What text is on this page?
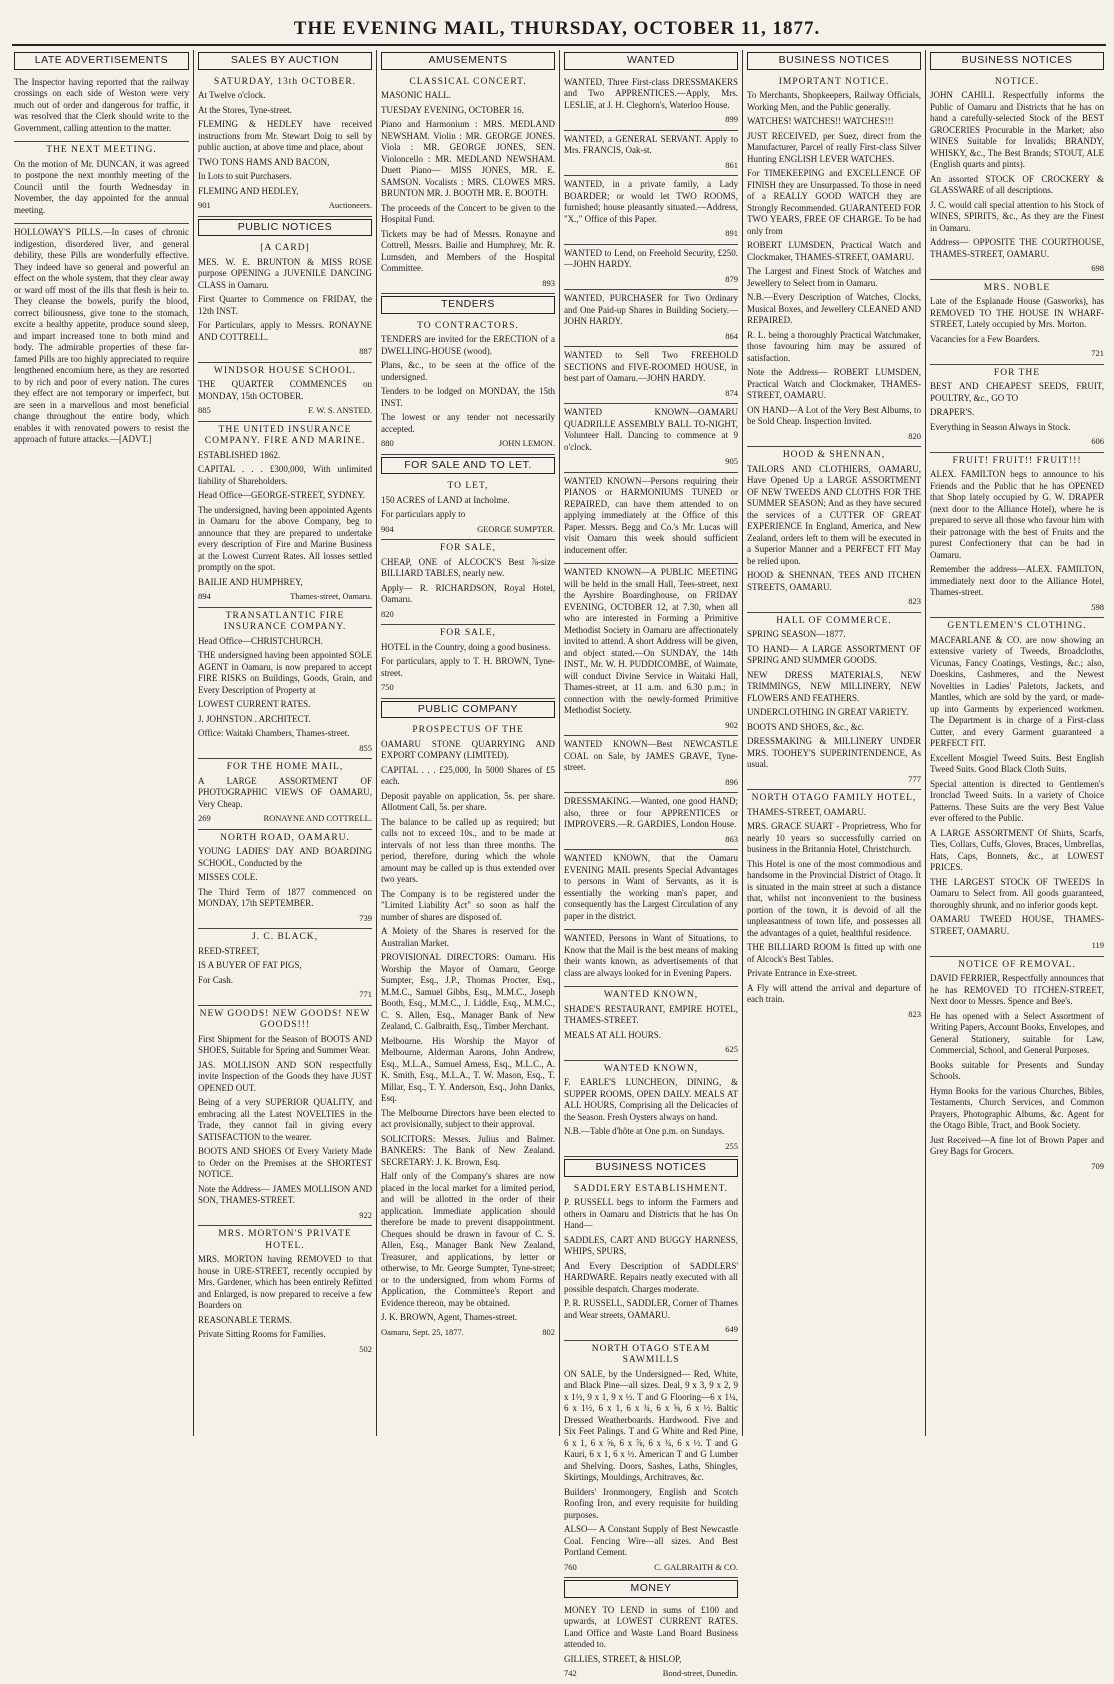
THE EVENING MAIL, THURSDAY, OCTOBER 11, 1877.
LATE ADVERTISEMENTS

The Inspector having reported that the railway crossings on each side of Weston were very much out of order and dangerous for traffic, it was resolved that the Clerk should write to the Government, calling attention to the matter.

THE NEXT MEETING.

On the motion of Mr. DUNCAN, it was agreed to postpone the next monthly meeting of the Council until the fourth Wednesday in November, the day appointed for the annual meeting.

HOLLOWAY'S PILLS.—In cases of chronic indigestion, disordered liver, and general debility, these Pills are wonderfully effective. They indeed have so general and powerful an effect on the whole system, that they clear away or ward off most of the ills that flesh is heir to. They cleanse the bowels, purify the blood, correct biliousness, give tone to the stomach, excite a healthy appetite, produce sound sleep, and impart increased tone to both mind and body. The admirable properties of these far-famed Pills are too highly appreciated to require lengthened encomium here, as they are resorted to by rich and poor of every nation. The cures they effect are not temporary or imperfect, but are seen in a marvellous and most beneficial change throughout the entire body, which enables it with renovated powers to resist the approach of future attacks.—[ADVT.]

SALES BY AUCTION
SATURDAY, 13th OCTOBER.

At Twelve o'clock.

At the Stores, Tyne-street.

FLEMING & HEDLEY have received instructions from Mr. Stewart Doig to sell by public auction, at above time and place, about

TWO TONS HAMS AND BACON,

In Lots to suit Purchasers.

FLEMING AND HEDLEY,

901	Auctioneers.
PUBLIC NOTICES
[A CARD]

MES. W. E. BRUNTON & MISS ROSE purpose OPENING a JUVENILE DANCING CLASS in Oamaru.

First Quarter to Commence on FRIDAY, the 12th INST.

For Particulars, apply to Messrs. RONAYNE AND COTTRELL.

887
WINDSOR HOUSE SCHOOL.

THE QUARTER COMMENCES on MONDAY, 15th OCTOBER.

885	F. W. S. ANSTED.
THE UNITED INSURANCE COMPANY. FIRE AND MARINE.

ESTABLISHED 1862.

CAPITAL . . . £300,000, With unlimited liability of Shareholders.

Head Office—GEORGE-STREET, SYDNEY.

The undersigned, having been appointed Agents in Oamaru for the above Company, beg to announce that they are prepared to undertake every description of Fire and Marine Business at the Lowest Current Rates. All losses settled promptly on the spot.

BAILIE AND HUMPHREY,

894	Thames-street, Oamaru.
TRANSATLANTIC FIRE INSURANCE COMPANY.

Head Office—CHRISTCHURCH.

THE undersigned having been appointed SOLE AGENT in Oamaru, is now prepared to accept FIRE RISKS on Buildings, Goods, Grain, and Every Description of Property at

LOWEST CURRENT RATES.

J. JOHNSTON . ARCHITECT.

Office: Waitaki Chambers, Thames-street.

855
FOR THE HOME MAIL,

A LARGE ASSORTMENT OF PHOTOGRAPHIC VIEWS OF OAMARU, Very Cheap.

269	RONAYNE AND COTTRELL.
NORTH ROAD, OAMARU.

YOUNG LADIES' DAY AND BOARDING SCHOOL, Conducted by the

MISSES COLE.

The Third Term of 1877 commenced on MONDAY, 17th SEPTEMBER.

739
J. C. BLACK,

REED-STREET,

IS A BUYER OF FAT PIGS,

For Cash.

771
NEW GOODS! NEW GOODS! NEW GOODS!!!

First Shipment for the Season of BOOTS AND SHOES, Suitable for Spring and Summer Wear.

JAS. MOLLISON AND SON respectfully invite Inspection of the Goods they have JUST OPENED OUT.

Being of a very SUPERIOR QUALITY, and embracing all the Latest NOVELTIES in the Trade, they cannot fail in giving every SATISFACTION to the wearer.

BOOTS AND SHOES Of Every Variety Made to Order on the Premises at the SHORTEST NOTICE.

Note the Address— JAMES MOLLISON AND SON, THAMES-STREET.

922
MRS. MORTON'S PRIVATE HOTEL.

MRS. MORTON having REMOVED to that house in URE-STREET, recently occupied by Mrs. Gardener, which has been entirely Refitted and Enlarged, is now prepared to receive a few Boarders on

REASONABLE TERMS.

Private Sitting Rooms for Families.

502
AMUSEMENTS
CLASSICAL CONCERT.

MASONIC HALL.

TUESDAY EVENING, OCTOBER 16.

Piano and Harmonium : MRS. MEDLAND NEWSHAM. Violin : MR. GEORGE JONES. Viola : MR. GEORGE JONES, SEN. Violoncello : MR. MEDLAND NEWSHAM. Duett Piano— MISS JONES, MR. E. SAMSON. Vocalists : MRS. CLOWES MRS. BRUNTON MR. J. BOOTH MR. E. BOOTH.

The proceeds of the Concert to be given to the Hospital Fund.

Tickets may be had of Messrs. Ronayne and Cottrell, Messrs. Bailie and Humphrey, Mr. R. Lumsden, and Members of the Hospital Committee.

893
TENDERS
TO CONTRACTORS.

TENDERS are invited for the ERECTION of a DWELLING-HOUSE (wood).

Plans, &c., to be seen at the office of the undersigned.

Tenders to be lodged on MONDAY, the 15th INST.

The lowest or any tender not necessarily accepted.

880	JOHN LEMON.
FOR SALE AND TO LET.
TO LET,

150 ACRES of LAND at Incholme.

For particulars apply to

904	GEORGE SUMPTER.
FOR SALE,

CHEAP, ONE of ALCOCK'S Best ⅞-size BILLIARD TABLES, nearly new.

Apply— R. RICHARDSON, Royal Hotel, Oamaru.

820
FOR SALE,

HOTEL in the Country, doing a good business.

For particulars, apply to T. H. BROWN, Tyne-street.

750
PUBLIC COMPANY
PROSPECTUS OF THE

OAMARU STONE QUARRYING AND EXPORT COMPANY (LIMITED).

CAPITAL . . . £25,000, In 5000 Shares of £5 each.

Deposit payable on application, 5s. per share. Allotment Call, 5s. per share.

The balance to be called up as required; but calls not to exceed 10s., and to be made at intervals of not less than three months. The period, therefore, during which the whole amount may be called up is thus extended over two years.

The Company is to be registered under the "Limited Liability Act" so soon as half the number of shares are disposed of.

A Moiety of the Shares is reserved for the Australian Market.

PROVISIONAL DIRECTORS: Oamaru. His Worship the Mayor of Oamaru, George Sumpter, Esq., J.P., Thomas Procter, Esq., M.M.C., Samuel Gibbs, Esq., M.M.C., Joseph Booth, Esq., M.M.C., J. Liddle, Esq., M.M.C., C. S. Allen, Esq., Manager Bank of New Zealand, C. Galbraith, Esq., Timber Merchant.

Melbourne. His Worship the Mayor of Melbourne, Alderman Aarons, John Andrew, Esq., M.L.A., Samuel Amess, Esq., M.L.C., A. K. Smith, Esq., M.L.A., T. W. Mason, Esq., T. Millar, Esq., T. Y. Anderson, Esq., John Danks, Esq.

The Melbourne Directors have been elected to act provisionally, subject to their approval.

SOLICITORS: Messrs. Julius and Balmer. BANKERS: The Bank of New Zealand. SECRETARY: J. K. Brown, Esq.

Half only of the Company's shares are now placed in the local market for a limited period, and will be allotted in the order of their application. Immediate application should therefore be made to prevent disappointment. Cheques should be drawn in favour of C. S. Allen, Esq., Manager Bank New Zealand, Treasurer, and applications, by letter or otherwise, to Mr. George Sumpter, Tyne-street; or to the undersigned, from whom Forms of Application, the Committee's Report and Evidence thereon, may be obtained.

J. K. BROWN, Agent, Thames-street.

Oamaru, Sept. 25, 1877.	802
WANTED

WANTED, Three First-class DRESSMAKERS and Two APPRENTICES.—Apply, Mrs. LESLIE, at J. H. Cleghorn's, Waterloo House.

899

WANTED, a GENERAL SERVANT. Apply to Mrs. FRANCIS, Oak-st.

861

WANTED, in a private family, a Lady BOARDER; or would let TWO ROOMS, furnished; house pleasantly situated.—Address, "X.," Office of this Paper.

891

WANTED to Lend, on Freehold Security, £250.—JOHN HARDY.

879

WANTED, PURCHASER for Two Ordinary and One Paid-up Shares in Building Society.—JOHN HARDY.

864

WANTED to Sell Two FREEHOLD SECTIONS and FIVE-ROOMED HOUSE, in best part of Oamaru.—JOHN HARDY.

874

WANTED KNOWN—OAMARU QUADRILLE ASSEMBLY BALL TO-NIGHT, Volunteer Hall. Dancing to commence at 9 o'clock.

905

WANTED KNOWN—Persons requiring their PIANOS or HARMONIUMS TUNED or REPAIRED, can have them attended to on applying immediately at the Office of this Paper. Messrs. Begg and Co.'s Mr. Lucas will visit Oamaru this week should sufficient inducement offer.

WANTED KNOWN—A PUBLIC MEETING will be held in the small Hall, Tees-street, next the Ayrshire Boardinghouse, on FRIDAY EVENING, OCTOBER 12, at 7.30, when all who are interested in Forming a Primitive Methodist Society in Oamaru are affectionately invited to attend. A short Address will be given, and object stated.—On SUNDAY, the 14th INST., Mr. W. H. PUDDICOMBE, of Waimate, will conduct Divine Service in Waitaki Hall, Thames-street, at 11 a.m. and 6.30 p.m.; in connection with the newly-formed Primitive Methodist Society.

902

WANTED KNOWN—Best NEWCASTLE COAL on Sale, by JAMES GRAVE, Tyne-street.

896

DRESSMAKING.—Wanted, one good HAND; also, three or four APPRENTICES or IMPROVERS.—R. GARDIES, London House.

863

WANTED KNOWN, that the Oamaru EVENING MAIL presents Special Advantages to persons in Want of Servants, as it is essentially the working man's paper, and consequently has the Largest Circulation of any paper in the district.

WANTED, Persons in Want of Situations, to Know that the Mail is the best means of making their wants known, as advertisements of that class are always looked for in Evening Papers.

WANTED KNOWN,

SHADE'S RESTAURANT, EMPIRE HOTEL, THAMES-STREET.

MEALS AT ALL HOURS.

625
WANTED KNOWN,

F. EARLE'S LUNCHEON, DINING, & SUPPER ROOMS, OPEN DAILY. MEALS AT ALL HOURS, Comprising all the Delicacies of the Season. Fresh Oysters always on hand.

N.B.—Table d'hôte at One p.m. on Sundays.

255
BUSINESS NOTICES
SADDLERY ESTABLISHMENT.

P. RUSSELL begs to inform the Farmers and others in Oamaru and Districts that he has On Hand—

SADDLES, CART AND BUGGY HARNESS, WHIPS, SPURS,

And Every Description of SADDLERS' HARDWARE. Repairs neatly executed with all possible despatch. Charges moderate.

P. R. RUSSELL, SADDLER, Corner of Thames and Wear streets, OAMARU.

649
NORTH OTAGO STEAM SAWMILLS

ON SALE, by the Undersigned— Red, White, and Black Pine—all sizes. Deal, 9 x 3, 9 x 2, 9 x 1½, 9 x 1, 9 x ½. T and G Flooring—6 x 1¼, 6 x 1½, 6 x 1, 6 x ¾, 6 x ⅝, 6 x ½. Baltic Dressed Weatherboards. Hardwood. Five and Six Feet Palings. T and G White and Red Pine, 6 x 1, 6 x ⅝, 6 x ⅞, 6 x ¾, 6 x ½. T and G Kauri, 6 x 1, 6 x ½. American T and G Lumber and Shelving. Doors, Sashes, Laths, Shingles, Skirtings, Mouldings, Architraves, &c.

Builders' Ironmongery, English and Scotch Roofing Iron, and every requisite for building purposes.

ALSO— A Constant Supply of Best Newcastle Coal. Fencing Wire—all sizes. And Best Portland Cement.

760	C. GALBRAITH & CO.
MONEY

MONEY TO LEND in sums of £100 and upwards, at LOWEST CURRENT RATES. Land Office and Waste Land Board Business attended to.

GILLIES, STREET, & HISLOP,

742	Bond-street, Dunedin.
BUSINESS NOTICES
IMPORTANT NOTICE.

To Merchants, Shopkeepers, Railway Officials, Working Men, and the Public generally.

WATCHES! WATCHES!! WATCHES!!!

JUST RECEIVED, per Suez, direct from the Manufacturer, Parcel of really First-class Silver Hunting ENGLISH LEVER WATCHES.

For TIMEKEEPING and EXCELLENCE OF FINISH they are Unsurpassed. To those in need of a REALLY GOOD WATCH they are Strongly Recommended. GUARANTEED FOR TWO YEARS, FREE OF CHARGE. To be had only from

ROBERT LUMSDEN, Practical Watch and Clockmaker, THAMES-STREET, OAMARU.

The Largest and Finest Stock of Watches and Jewellery to Select from in Oamaru.

N.B.—Every Description of Watches, Clocks, Musical Boxes, and Jewellery CLEANED AND REPAIRED.

R. L. being a thoroughly Practical Watchmaker, those favouring him may be assured of satisfaction.

Note the Address— ROBERT LUMSDEN, Practical Watch and Clockmaker, THAMES-STREET, OAMARU.

ON HAND—A Lot of the Very Best Albums, to be Sold Cheap. Inspection Invited.

820
HOOD & SHENNAN,

TAILORS AND CLOTHIERS, OAMARU, Have Opened Up a LARGE ASSORTMENT OF NEW TWEEDS AND CLOTHS FOR THE SUMMER SEASON; And as they have secured the services of a CUTTER OF GREAT EXPERIENCE In England, America, and New Zealand, orders left to them will be executed in a Superior Manner and a PERFECT FIT May be relied upon.

HOOD & SHENNAN, TEES AND ITCHEN STREETS, OAMARU.

823
HALL OF COMMERCE.

SPRING SEASON—1877.

TO HAND— A LARGE ASSORTMENT OF SPRING AND SUMMER GOODS.

NEW DRESS MATERIALS, NEW TRIMMINGS, NEW MILLINERY, NEW FLOWERS AND FEATHERS.

UNDERCLOTHING IN GREAT VARIETY.

BOOTS AND SHOES, &c., &c.

DRESSMAKING & MILLINERY UNDER MRS. TOOHEY'S SUPERINTENDENCE, As usual.

777
NORTH OTAGO FAMILY HOTEL,

THAMES-STREET, OAMARU.

MRS. GRACE SUART - Proprietress, Who for nearly 10 years so successfully carried on business in the Britannia Hotel, Christchurch.

This Hotel is one of the most commodious and handsome in the Provincial District of Otago. It is situated in the main street at such a distance that, whilst not inconvenient to the business portion of the town, it is devoid of all the unpleasantness of town life, and possesses all the advantages of a quiet, healthful residence.

THE BILLIARD ROOM Is fitted up with one of Alcock's Best Tables.

Private Entrance in Exe-street.

A Fly will attend the arrival and departure of each train.

823
BUSINESS NOTICES
NOTICE.

JOHN CAHILL Respectfully informs the Public of Oamaru and Districts that he has on hand a carefully-selected Stock of the BEST GROCERIES Procurable in the Market; also WINES Suitable for Invalids; BRANDY, WHISKY, &c., The Best Brands; STOUT, ALE (English quarts and pints).

An assorted STOCK OF CROCKERY & GLASSWARE of all descriptions.

J. C. would call special attention to his Stock of WINES, SPIRITS, &c., As they are the Finest in Oamaru.

Address— OPPOSITE THE COURTHOUSE, THAMES-STREET, OAMARU.

698
MRS. NOBLE

Late of the Esplanade House (Gasworks), has REMOVED TO THE HOUSE IN WHARF-STREET, Lately occupied by Mrs. Morton.

Vacancies for a Few Boarders.

721
FOR THE

BEST AND CHEAPEST SEEDS, FRUIT, POULTRY, &c., GO TO

DRAPER'S.

Everything in Season Always in Stock.

606
FRUIT! FRUIT!! FRUIT!!!

ALEX. FAMILTON begs to announce to his Friends and the Public that he has OPENED that Shop lately occupied by G. W. DRAPER (next door to the Alliance Hotel), where he is prepared to serve all those who favour him with their patronage with the best of Fruits and the purest Confectionery that can be had in Oamaru.

Remember the address—ALEX. FAMILTON, immediately next door to the Alliance Hotel, Thames-street.

598
GENTLEMEN'S CLOTHING.

MACFARLANE & CO. are now showing an extensive variety of Tweeds, Broadcloths, Vicunas, Fancy Coatings, Vestings, &c.; also, Doeskins, Cashmeres, and the Newest Novelties in Ladies' Paletots, Jackets, and Mantles, which are sold by the yard, or made-up into Garments by experienced workmen. The Department is in charge of a First-class Cutter, and every Garment guaranteed a PERFECT FIT.

Excellent Mosgiel Tweed Suits. Best English Tweed Suits. Good Black Cloth Suits.

Special attention is directed to Gentlemen's Ironclad Tweed Suits. In a variety of Choice Patterns. These Suits are the very Best Value ever offered to the Public.

A LARGE ASSORTMENT Of Shirts, Scarfs, Ties, Collars, Cuffs, Gloves, Braces, Umbrellas, Hats, Caps, Bonnets, &c., at LOWEST PRICES.

THE LARGEST STOCK OF TWEEDS In Oamaru to Select from. All goods guaranteed, thoroughly shrunk, and no inferior goods kept.

OAMARU TWEED HOUSE, THAMES-STREET, OAMARU.

119
NOTICE OF REMOVAL.

DAVID FERRIER, Respectfully announces that he has REMOVED TO ITCHEN-STREET, Next door to Messrs. Spence and Bee's.

He has opened with a Select Assortment of Writing Papers, Account Books, Envelopes, and General Stationery, suitable for Law, Commercial, School, and General Purposes.

Books suitable for Presents and Sunday Schools.

Hymn Books for the various Churches, Bibles, Testaments, Church Services, and Common Prayers, Photographic Albums, &c. Agent for the Otago Bible, Tract, and Book Society.

Just Received—A fine lot of Brown Paper and Grey Bags for Grocers.

709
